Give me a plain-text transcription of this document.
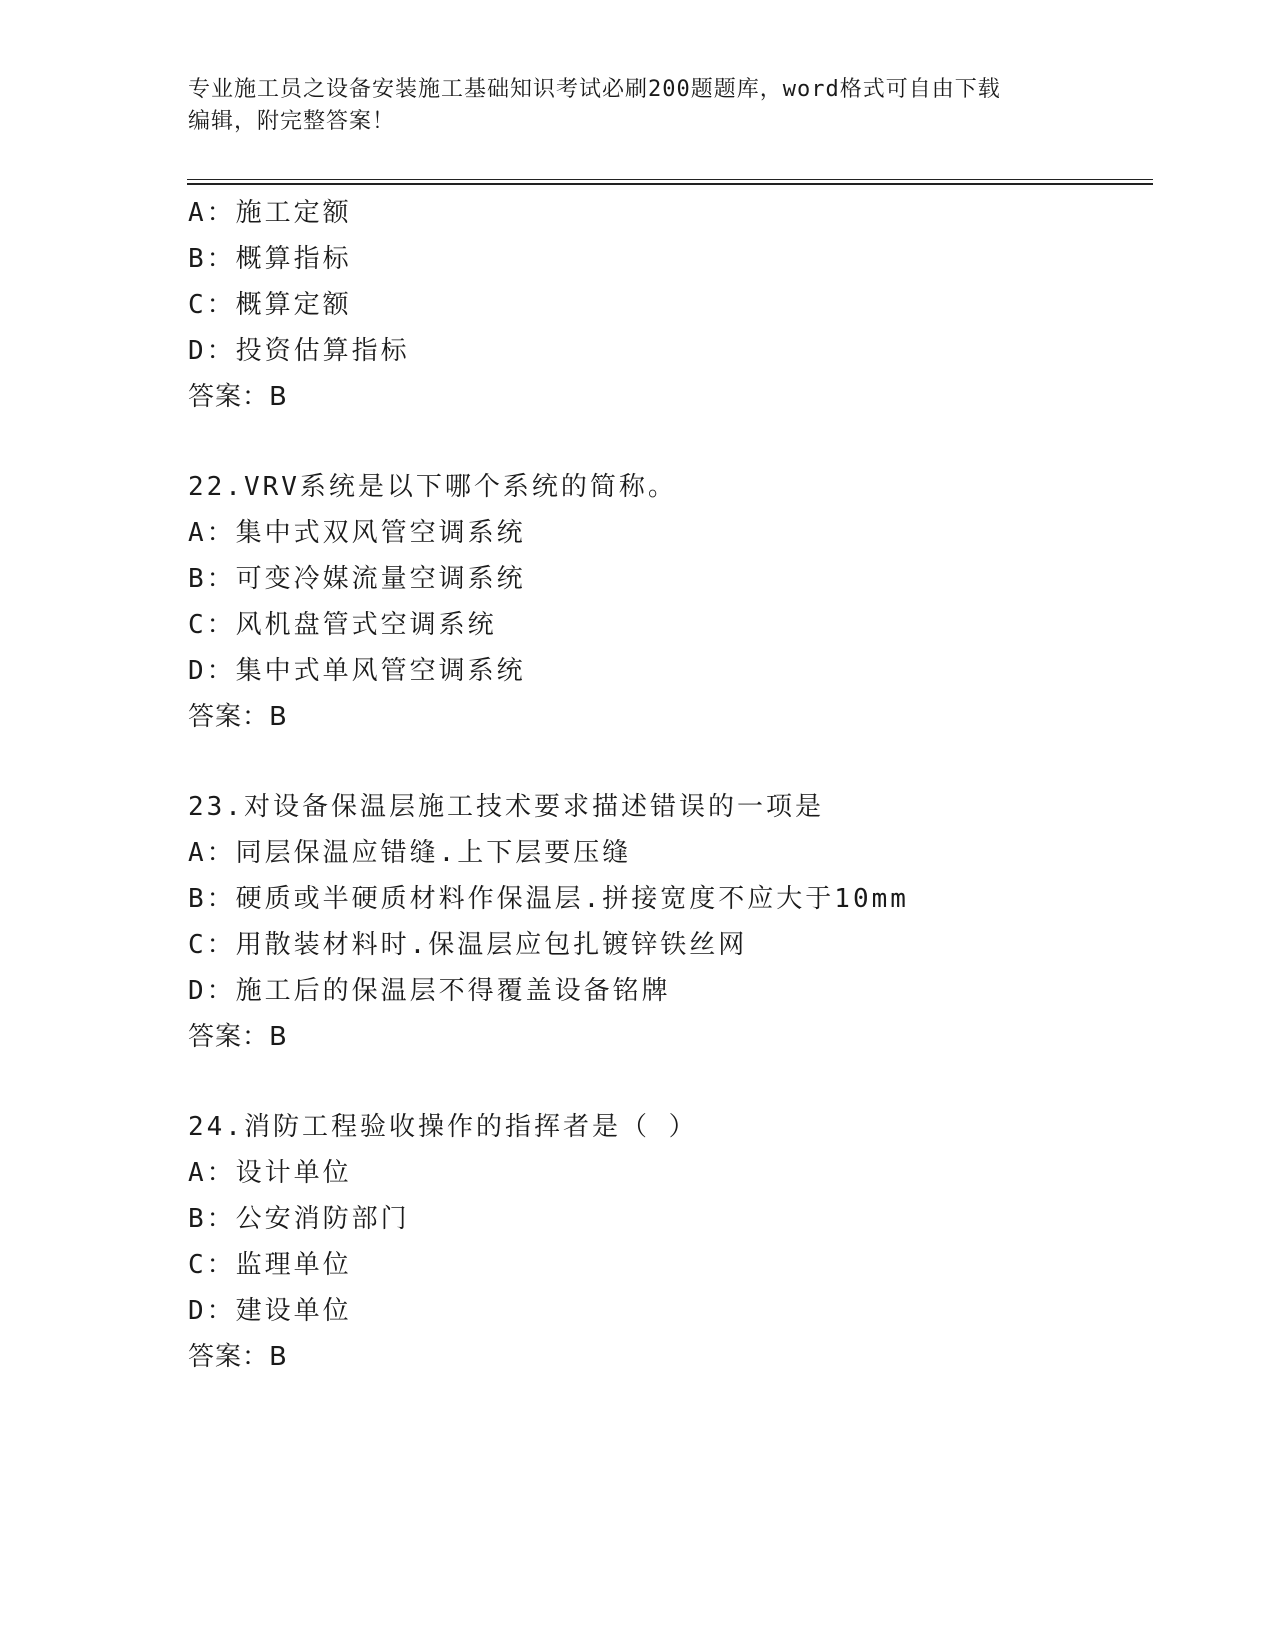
专业施工员之设备安装施工基础知识考试必刷200题题库，word格式可自由下载
编辑，附完整答案！
A：施工定额
B：概算指标
C：概算定额
D：投资估算指标
答案：B
22.VRV系统是以下哪个系统的简称。
A：集中式双风管空调系统
B：可变冷媒流量空调系统
C：风机盘管式空调系统
D：集中式单风管空调系统
答案：B
23.对设备保温层施工技术要求描述错误的一项是
A：同层保温应错缝.上下层要压缝
B：硬质或半硬质材料作保温层.拼接宽度不应大于10mm
C：用散装材料时.保温层应包扎镀锌铁丝网
D：施工后的保温层不得覆盖设备铭牌
答案：B
24.消防工程验收操作的指挥者是（ ）
A：设计单位
B：公安消防部门
C：监理单位
D：建设单位
答案：B
